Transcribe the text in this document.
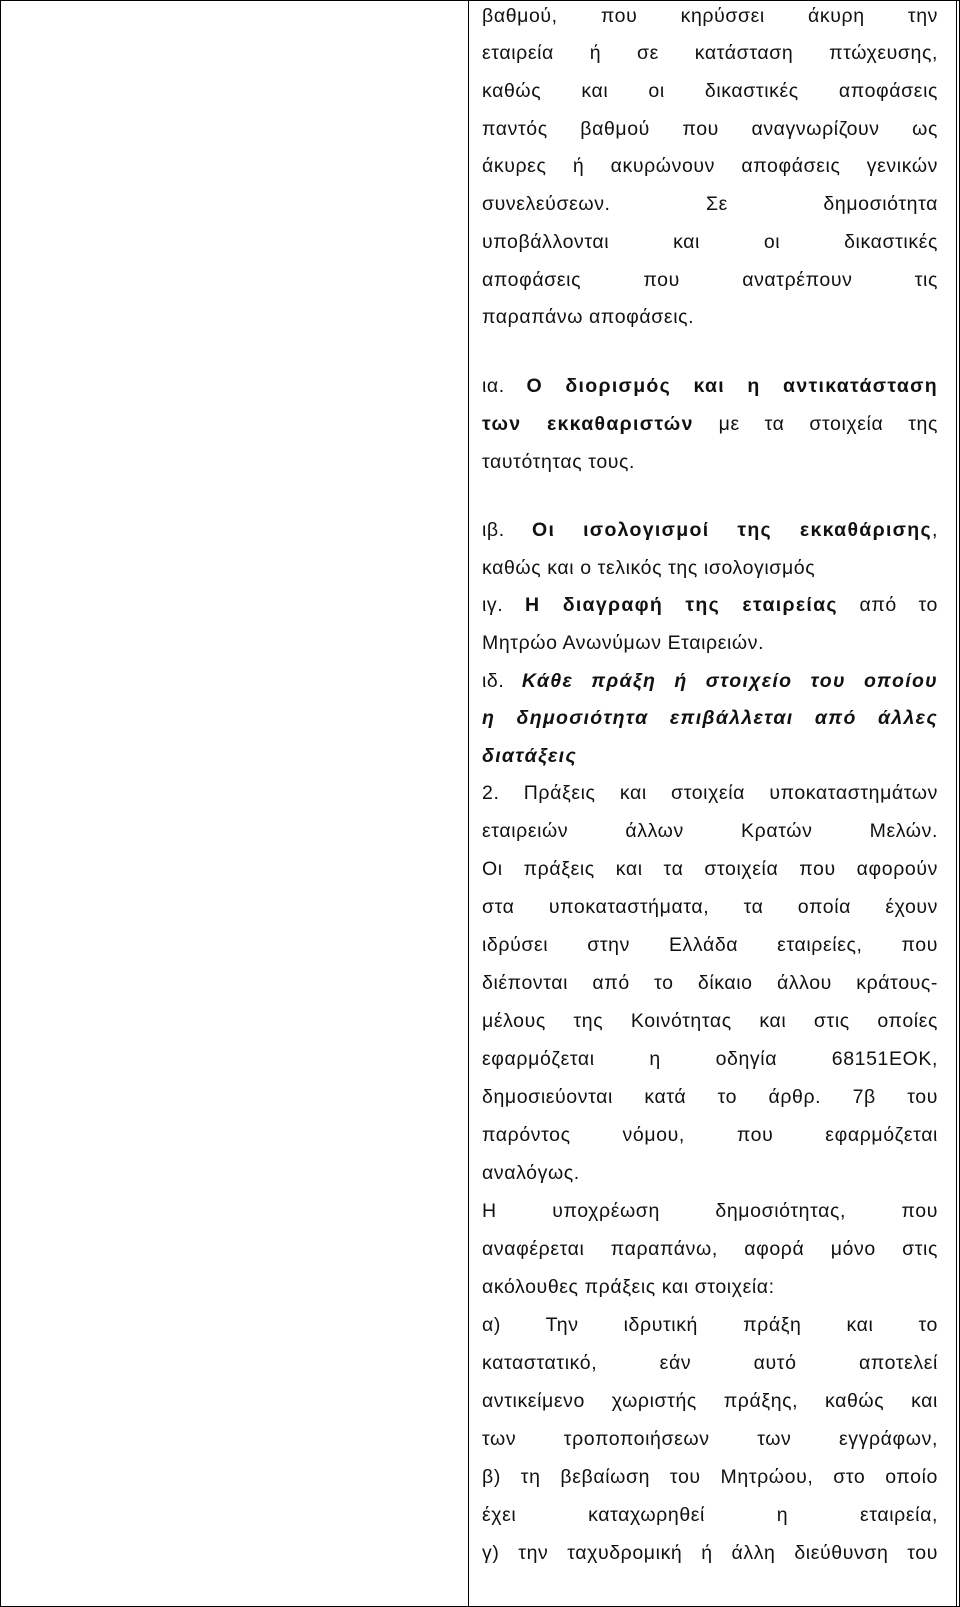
βαθμού, που κηρύσσει άκυρη την
εταιρεία ή σε κατάσταση πτώχευσης,
καθώς και οι δικαστικές αποφάσεις
παντός βαθμού που αναγνωρίζουν ως
άκυρες ή ακυρώνουν αποφάσεις γενικών
συνελεύσεων. Σε δημοσιότητα
υποβάλλονται και οι δικαστικές
αποφάσεις που ανατρέπουν τις
παραπάνω αποφάσεις.
ια. Ο διορισμός και η αντικατάσταση
των εκκαθαριστών με τα στοιχεία της
ταυτότητας τους.
ιβ. Οι ισολογισμοί της εκκαθάρισης,
καθώς και ο τελικός της ισολογισμός
ιγ. Η διαγραφή της εταιρείας από το
Μητρώο Ανωνύμων Εταιρειών.
ιδ. Κάθε πράξη ή στοιχείο του οποίου
η δημοσιότητα επιβάλλεται από άλλες
διατάξεις
2. Πράξεις και στοιχεία υποκαταστημάτων
εταιρειών άλλων Κρατών Μελών.
Οι πράξεις και τα στοιχεία που αφορούν
στα υποκαταστήματα, τα οποία έχουν
ιδρύσει στην Ελλάδα εταιρείες, που
διέπονται από το δίκαιο άλλου κράτους-
μέλους της Κοινότητας και στις οποίες
εφαρμόζεται η οδηγία 68151ΕΟΚ,
δημοσιεύονται κατά το άρθρ. 7β του
παρόντος νόμου, που εφαρμόζεται
αναλόγως.
Η υποχρέωση δημοσιότητας, που
αναφέρεται παραπάνω, αφορά μόνο στις
ακόλουθες πράξεις και στοιχεία:
α) Την ιδρυτική πράξη και το
καταστατικό, εάν αυτό αποτελεί
αντικείμενο χωριστής πράξης, καθώς και
των τροποποιήσεων των εγγράφων,
β) τη βεβαίωση του Μητρώου, στο οποίο
έχει καταχωρηθεί η εταιρεία,
γ) την ταχυδρομική ή άλλη διεύθυνση του
